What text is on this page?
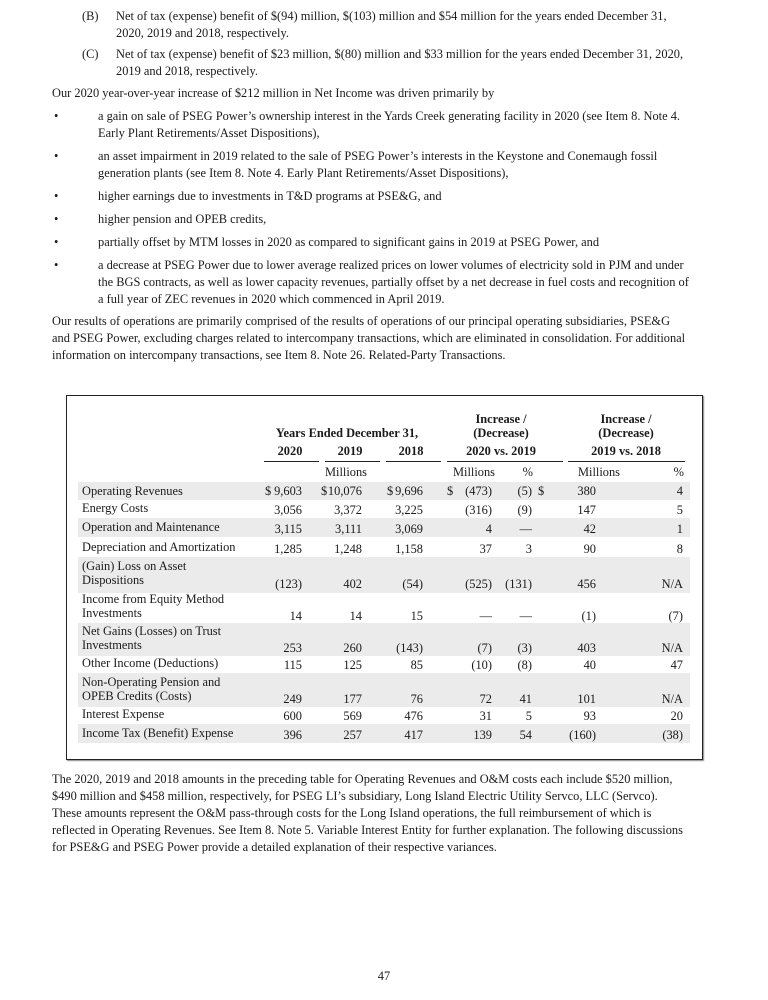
(B) Net of tax (expense) benefit of $(94) million, $(103) million and $54 million for the years ended December 31,
2020, 2019 and 2018, respectively.
(C) Net of tax (expense) benefit of $23 million, $(80) million and $33 million for the years ended December 31, 2020,
2019 and 2018, respectively.
Our 2020 year-over-year increase of $212 million in Net Income was driven primarily by
•	a gain on sale of PSEG Power’s ownership interest in the Yards Creek generating facility in 2020 (see Item 8. Note 4.
Early Plant Retirements/Asset Dispositions),
•	an asset impairment in 2019 related to the sale of PSEG Power’s interests in the Keystone and Conemaugh fossil
generation plants (see Item 8. Note 4. Early Plant Retirements/Asset Dispositions),
•	higher earnings due to investments in T&D programs at PSE&G, and
•	higher pension and OPEB credits,
•	partially offset by MTM losses in 2020 as compared to significant gains in 2019 at PSEG Power, and
•	a decrease at PSEG Power due to lower average realized prices on lower volumes of electricity sold in PJM and under
the BGS contracts, as well as lower capacity revenues, partially offset by a net decrease in fuel costs and recognition of
a full year of ZEC revenues in 2020 which commenced in April 2019.
Our results of operations are primarily comprised of the results of operations of our principal operating subsidiaries, PSE&G
and PSEG Power, excluding charges related to intercompany transactions, which are eliminated in consolidation. For additional
information on intercompany transactions, see Item 8. Note 26. Related-Party Transactions.
Years Ended December 31,
Increase /
(Decrease)
2020 vs. 2019
Increase /
(Decrease)
2019 vs. 2018
2020	2019	2018
Millions	Millions	%	Millions	%
Operating Revenues	$ 9,603 $ 10,076 $ 9,696 $ (473)	(5) $	380	4
Energy Costs	3,056	3,372	3,225	(316)	(9)	147	5
Operation and Maintenance	3,115	3,111	3,069	4	—	42	1
Depreciation and Amortization	1,285	1,248	1,158	37	3	90	8
(Gain) Loss on Asset
Dispositions	(123)	402	(54)	(525)	(131)	456	N/A
Income from Equity Method
Investments	14	14	15	—	—	(1)	(7)
Net Gains (Losses) on Trust
Investments	253	260	(143)	(7)	(3)	403	N/A
Other Income (Deductions)	115	125	85	(10)	(8)	40	47
Non-Operating Pension and
OPEB Credits (Costs)	249	177	76	72	41	101	N/A
Interest Expense	600	569	476	31	5	93	20
Income Tax (Benefit) Expense	396	257	417	139	54	(160)	(38)
The 2020, 2019 and 2018 amounts in the preceding table for Operating Revenues and O&M costs each include $520 million,
$490 million and $458 million, respectively, for PSEG LI’s subsidiary, Long Island Electric Utility Servco, LLC (Servco).
These amounts represent the O&M pass-through costs for the Long Island operations, the full reimbursement of which is
reflected in Operating Revenues. See Item 8. Note 5. Variable Interest Entity for further explanation. The following discussions
for PSE&G and PSEG Power provide a detailed explanation of their respective variances.
47
